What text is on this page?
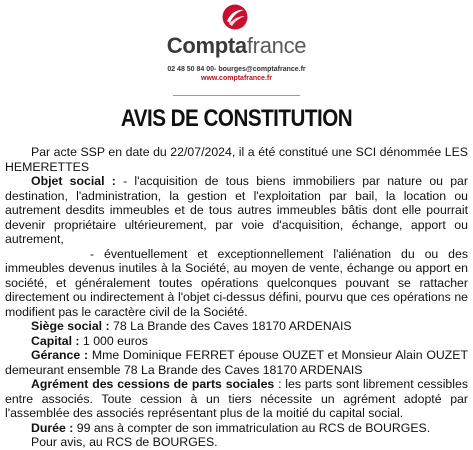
Comptafrance
02 48 50 84 00- bourges@comptafrance.fr
www.comptafrance.fr
AVIS DE CONSTITUTION

Par acte SSP en date du 22/07/2024, il a été constitué une SCI dénommée LES HEMERETTES

Objet social : - l'acquisition de tous biens immobiliers par nature ou par destination, l'administration, la gestion et l'exploitation par bail, la location ou autrement desdits immeubles et de tous autres immeubles bâtis dont elle pourrait devenir propriétaire ultérieurement, par voie d'acquisition, échange, apport ou autrement,

- éventuellement et exceptionnellement l'aliénation du ou des immeubles devenus inutiles à la Société, au moyen de vente, échange ou apport en société, et généralement toutes opérations quelconques pouvant se rattacher directement ou indirectement à l'objet ci-dessus défini, pourvu que ces opérations ne modifient pas le caractère civil de la Société.

Siège social : 78 La Brande des Caves 18170 ARDENAIS

Capital : 1 000 euros

Gérance : Mme Dominique FERRET épouse OUZET et Monsieur Alain OUZET demeurant ensemble 78 La Brande des Caves 18170 ARDENAIS

Agrément des cessions de parts sociales : les parts sont librement cessibles entre associés. Toute cession à un tiers nécessite un agrément adopté par l'assemblée des associés représentant plus de la moitié du capital social.

Durée : 99 ans à compter de son immatriculation au RCS de BOURGES.

Pour avis, au RCS de BOURGES.
